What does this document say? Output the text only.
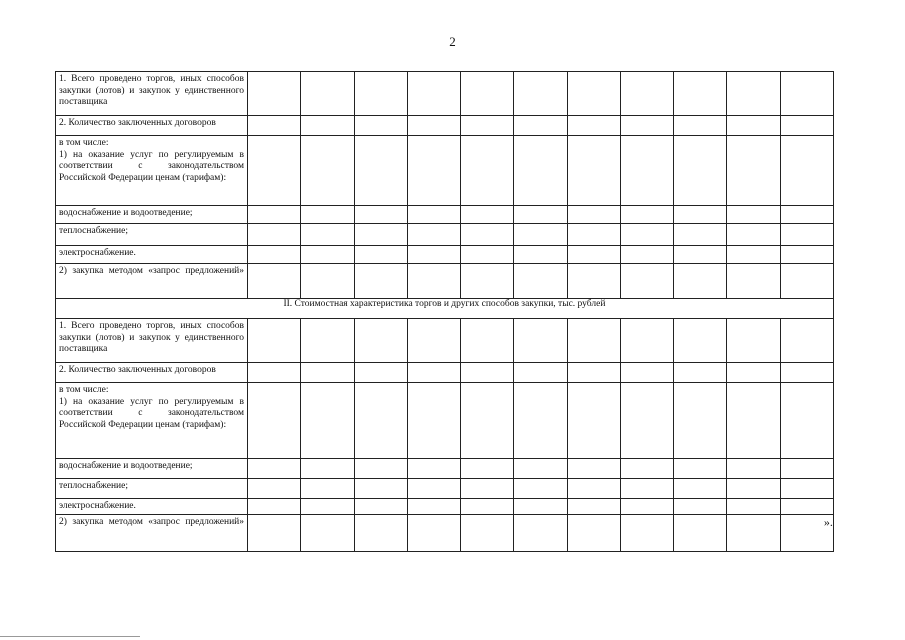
2
1. Всего проведено торгов, иных способов закупки (лотов) и закупок у единственного поставщика											

2. Количество заключенных договоров											

в том числе:
1) на оказание услуг по регулируемым в соответствии с законодательством Российской Федерации ценам (тарифам):											

водоснабжение и водоотведение;											

теплоснабжение;											

электроснабжение.											

2) закупка методом «запрос предложений»											

II. Стоимостная характеристика торгов и других способов закупки, тыс. рублей											

1. Всего проведено торгов, иных способов закупки (лотов) и закупок у единственного поставщика											

2. Количество заключенных договоров											

в том числе:
1) на оказание услуг по регулируемым в соответствии с законодательством Российской Федерации ценам (тарифам):											

водоснабжение и водоотведение;											

теплоснабжение;											

электроснабжение.											

2) закупка методом «запрос предложений»											».
